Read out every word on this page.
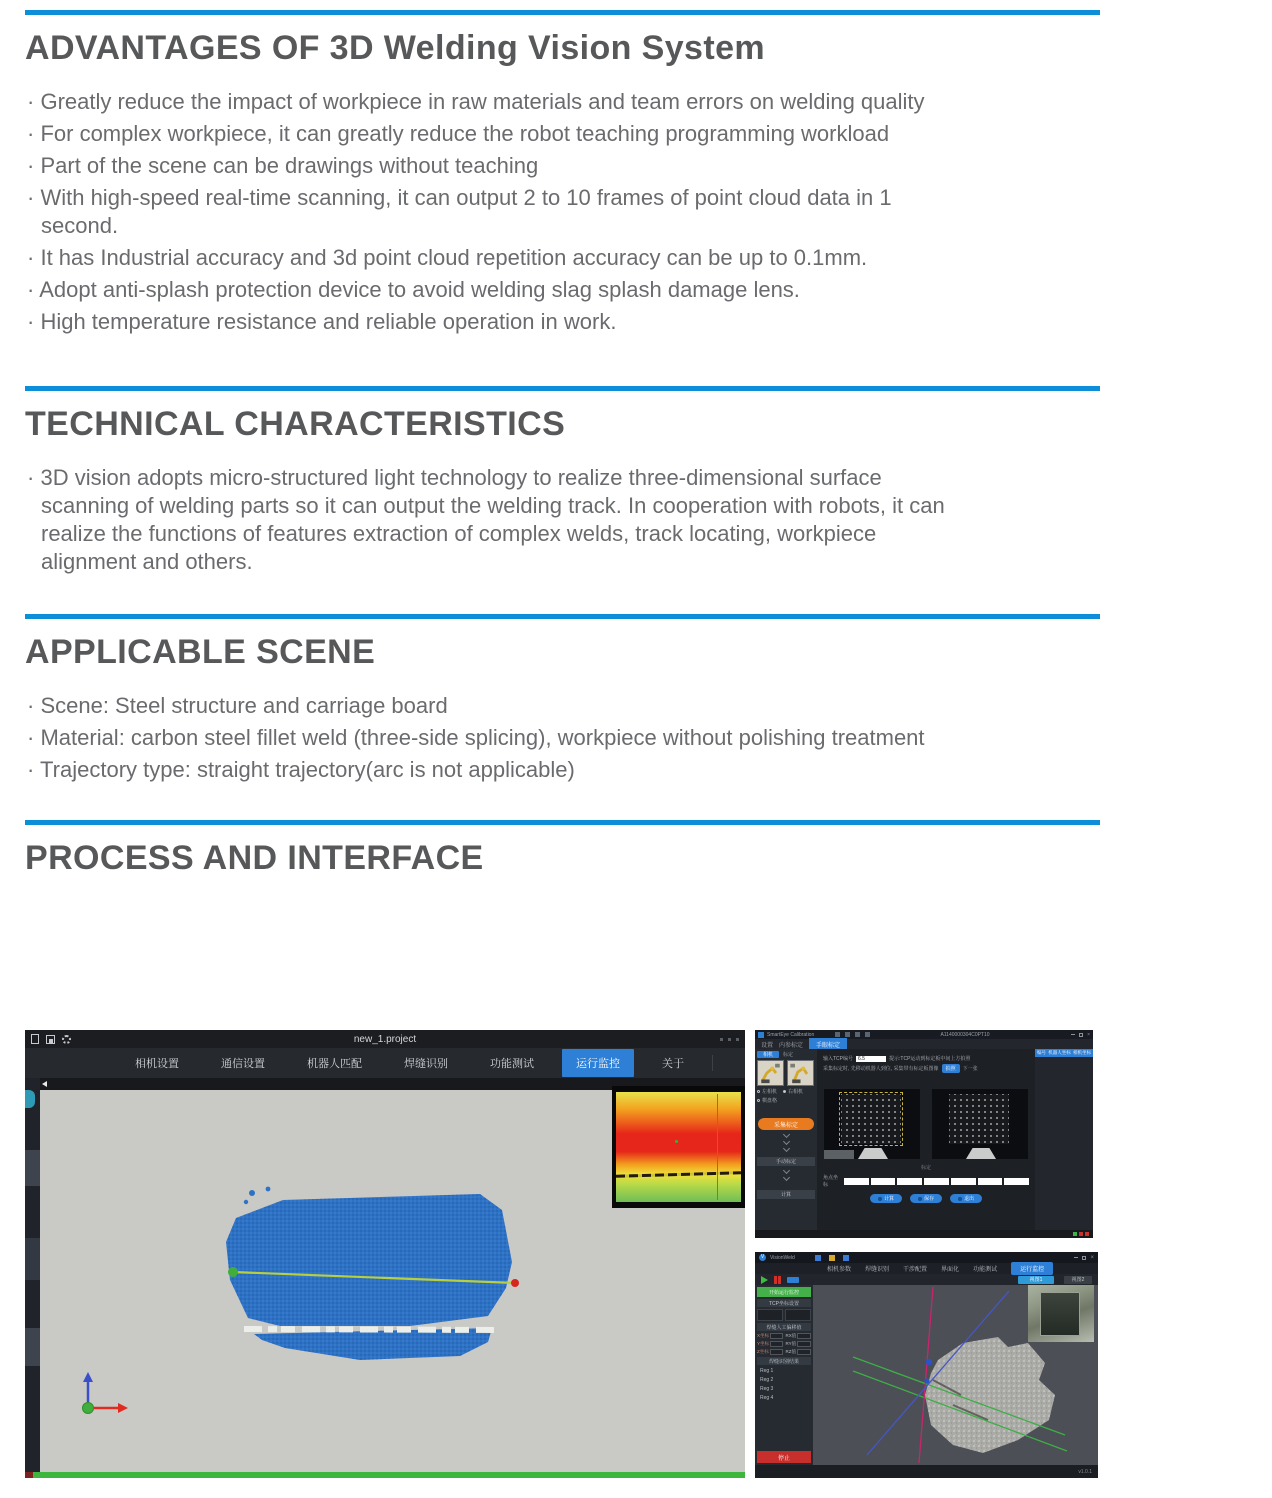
ADVANTAGES OF 3D Welding Vision System

· Greatly reduce the impact of workpiece in raw materials and team errors on welding quality

· For complex workpiece, it can greatly reduce the robot teaching programming workload

· Part of the scene can be drawings without teaching

· With high-speed real-time scanning, it can output 2 to 10 frames of point cloud data in 1 second.

· It has Industrial accuracy and 3d point cloud repetition accuracy can be up to 0.1mm.

· Adopt anti-splash protection device to avoid welding slag splash damage lens.

· High temperature resistance and reliable operation in work.

TECHNICAL CHARACTERISTICS

· 3D vision adopts micro-structured light technology to realize three-dimensional surface scanning of welding parts so it can output the welding track. In cooperation with robots, it can realize the functions of features extraction of complex welds, track locating, workpiece alignment and others.

APPLICABLE SCENE

· Scene: Steel structure and carriage board

· Material: carbon steel fillet weld (three-side splicing), workpiece without polishing treatment

· Trajectory type: straight trajectory(arc is not applicable)

PROCESS AND INTERFACE
new_1.project
相机设置	通信设置	机器人匹配	焊缝识别	功能测试	运行监控	关于
SmartEye Calibration	A1140000304C0PT10	×
设置 内参标定	手眼标定
相机	标定
左相机 右相机
棋盘格
采集标定
手动标定
计算
输入TCP编号	6.5	提示:TCP运动到标定板中间上方拍照
采集标定时, 先移动机器人到位, 采集带有标定板图像	拍照	下一张
标定
角点坐标
计算	保存	退出
编号 机器人坐标 相机坐标
V	VisionWeld	×
相机参数 焊缝识别 干涉配置 界面化 功能测试	运行监控
视图1	视图2
开始运行监控
TCP坐标设置
焊缝人工偏移值
X坐标	RX值
Y坐标	RY值
Z坐标	RZ值
焊缝识别结果
Reg 1
Reg 2
Reg 3
Reg 4
停止
v1.0.1
